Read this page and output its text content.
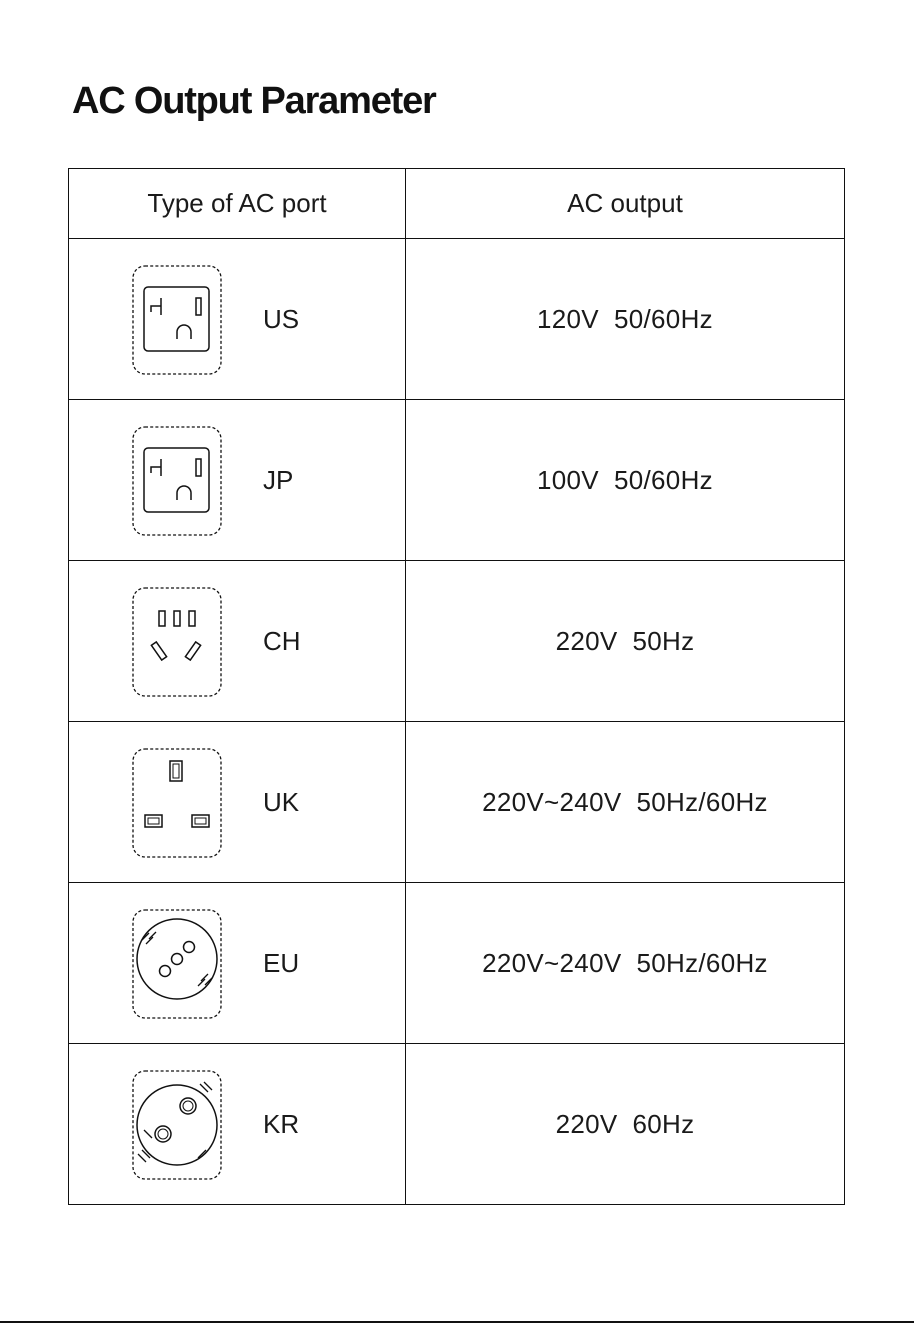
AC Output Parameter
Type of AC port	AC output

US	120V  50/60Hz

JP	100V  50/60Hz

CH	220V  50Hz

UK	220V~240V  50Hz/60Hz

EU	220V~240V  50Hz/60Hz

KR	220V  60Hz
